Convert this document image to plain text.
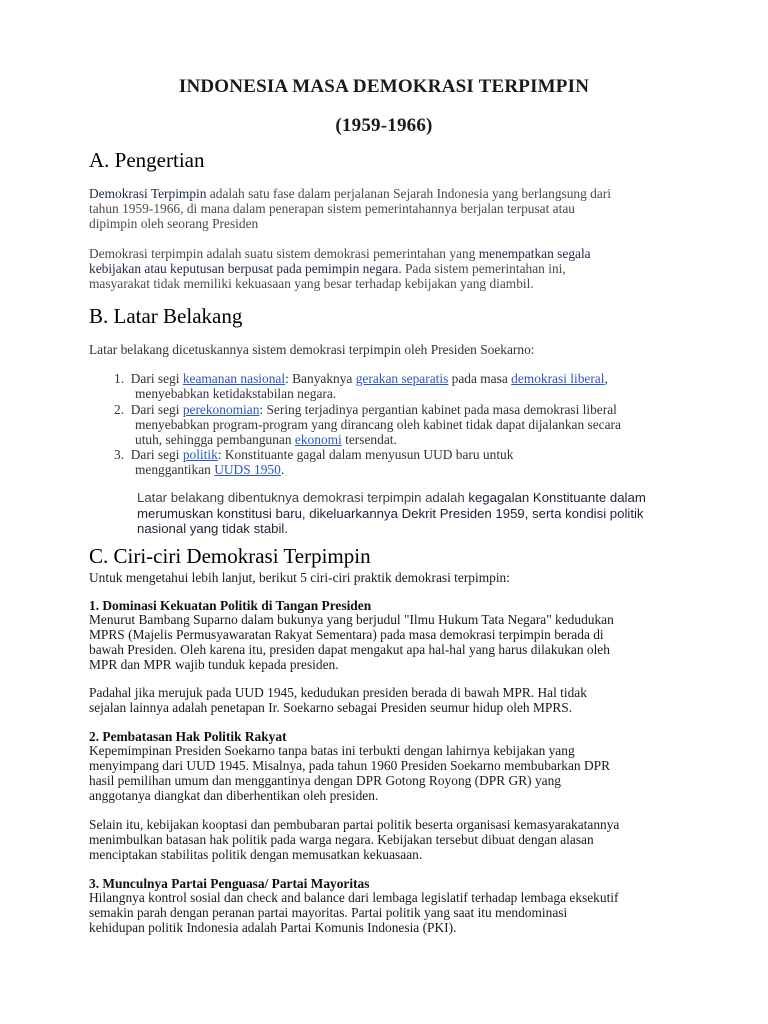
INDONESIA MASA DEMOKRASI TERPIMPIN
(1959-1966)
A. Pengertian
Demokrasi Terpimpin adalah satu fase dalam perjalanan Sejarah Indonesia yang berlangsung dari
tahun 1959-1966, di mana dalam penerapan sistem pemerintahannya berjalan terpusat atau
dipimpin oleh seorang Presiden
Demokrasi terpimpin adalah suatu sistem demokrasi pemerintahan yang menempatkan segala
kebijakan atau keputusan berpusat pada pemimpin negara. Pada sistem pemerintahan ini,
masyarakat tidak memiliki kekuasaan yang besar terhadap kebijakan yang diambil.
B. Latar Belakang
Latar belakang dicetuskannya sistem demokrasi terpimpin oleh Presiden Soekarno:
1. Dari segi keamanan nasional: Banyaknya gerakan separatis pada masa demokrasi liberal,
menyebabkan ketidakstabilan negara.
2. Dari segi perekonomian: Sering terjadinya pergantian kabinet pada masa demokrasi liberal
menyebabkan program-program yang dirancang oleh kabinet tidak dapat dijalankan secara
utuh, sehingga pembangunan ekonomi tersendat.
3. Dari segi politik: Konstituante gagal dalam menyusun UUD baru untuk
menggantikan UUDS 1950.
Latar belakang dibentuknya demokrasi terpimpin adalah kegagalan Konstituante dalam
merumuskan konstitusi baru, dikeluarkannya Dekrit Presiden 1959, serta kondisi politik
nasional yang tidak stabil.
C. Ciri-ciri Demokrasi Terpimpin
Untuk mengetahui lebih lanjut, berikut 5 ciri-ciri praktik demokrasi terpimpin:
1. Dominasi Kekuatan Politik di Tangan Presiden
Menurut Bambang Suparno dalam bukunya yang berjudul "Ilmu Hukum Tata Negara" kedudukan
MPRS (Majelis Permusyawaratan Rakyat Sementara) pada masa demokrasi terpimpin berada di
bawah Presiden. Oleh karena itu, presiden dapat mengakut apa hal-hal yang harus dilakukan oleh
MPR dan MPR wajib tunduk kepada presiden.
Padahal jika merujuk pada UUD 1945, kedudukan presiden berada di bawah MPR. Hal tidak
sejalan lainnya adalah penetapan Ir. Soekarno sebagai Presiden seumur hidup oleh MPRS.
2. Pembatasan Hak Politik Rakyat
Kepemimpinan Presiden Soekarno tanpa batas ini terbukti dengan lahirnya kebijakan yang
menyimpang dari UUD 1945. Misalnya, pada tahun 1960 Presiden Soekarno membubarkan DPR
hasil pemilihan umum dan menggantinya dengan DPR Gotong Royong (DPR GR) yang
anggotanya diangkat dan diberhentikan oleh presiden.
Selain itu, kebijakan kooptasi dan pembubaran partai politik beserta organisasi kemasyarakatannya
menimbulkan batasan hak politik pada warga negara. Kebijakan tersebut dibuat dengan alasan
menciptakan stabilitas politik dengan memusatkan kekuasaan.
3. Munculnya Partai Penguasa/ Partai Mayoritas
Hilangnya kontrol sosial dan check and balance dari lembaga legislatif terhadap lembaga eksekutif
semakin parah dengan peranan partai mayoritas. Partai politik yang saat itu mendominasi
kehidupan politik Indonesia adalah Partai Komunis Indonesia (PKI).
